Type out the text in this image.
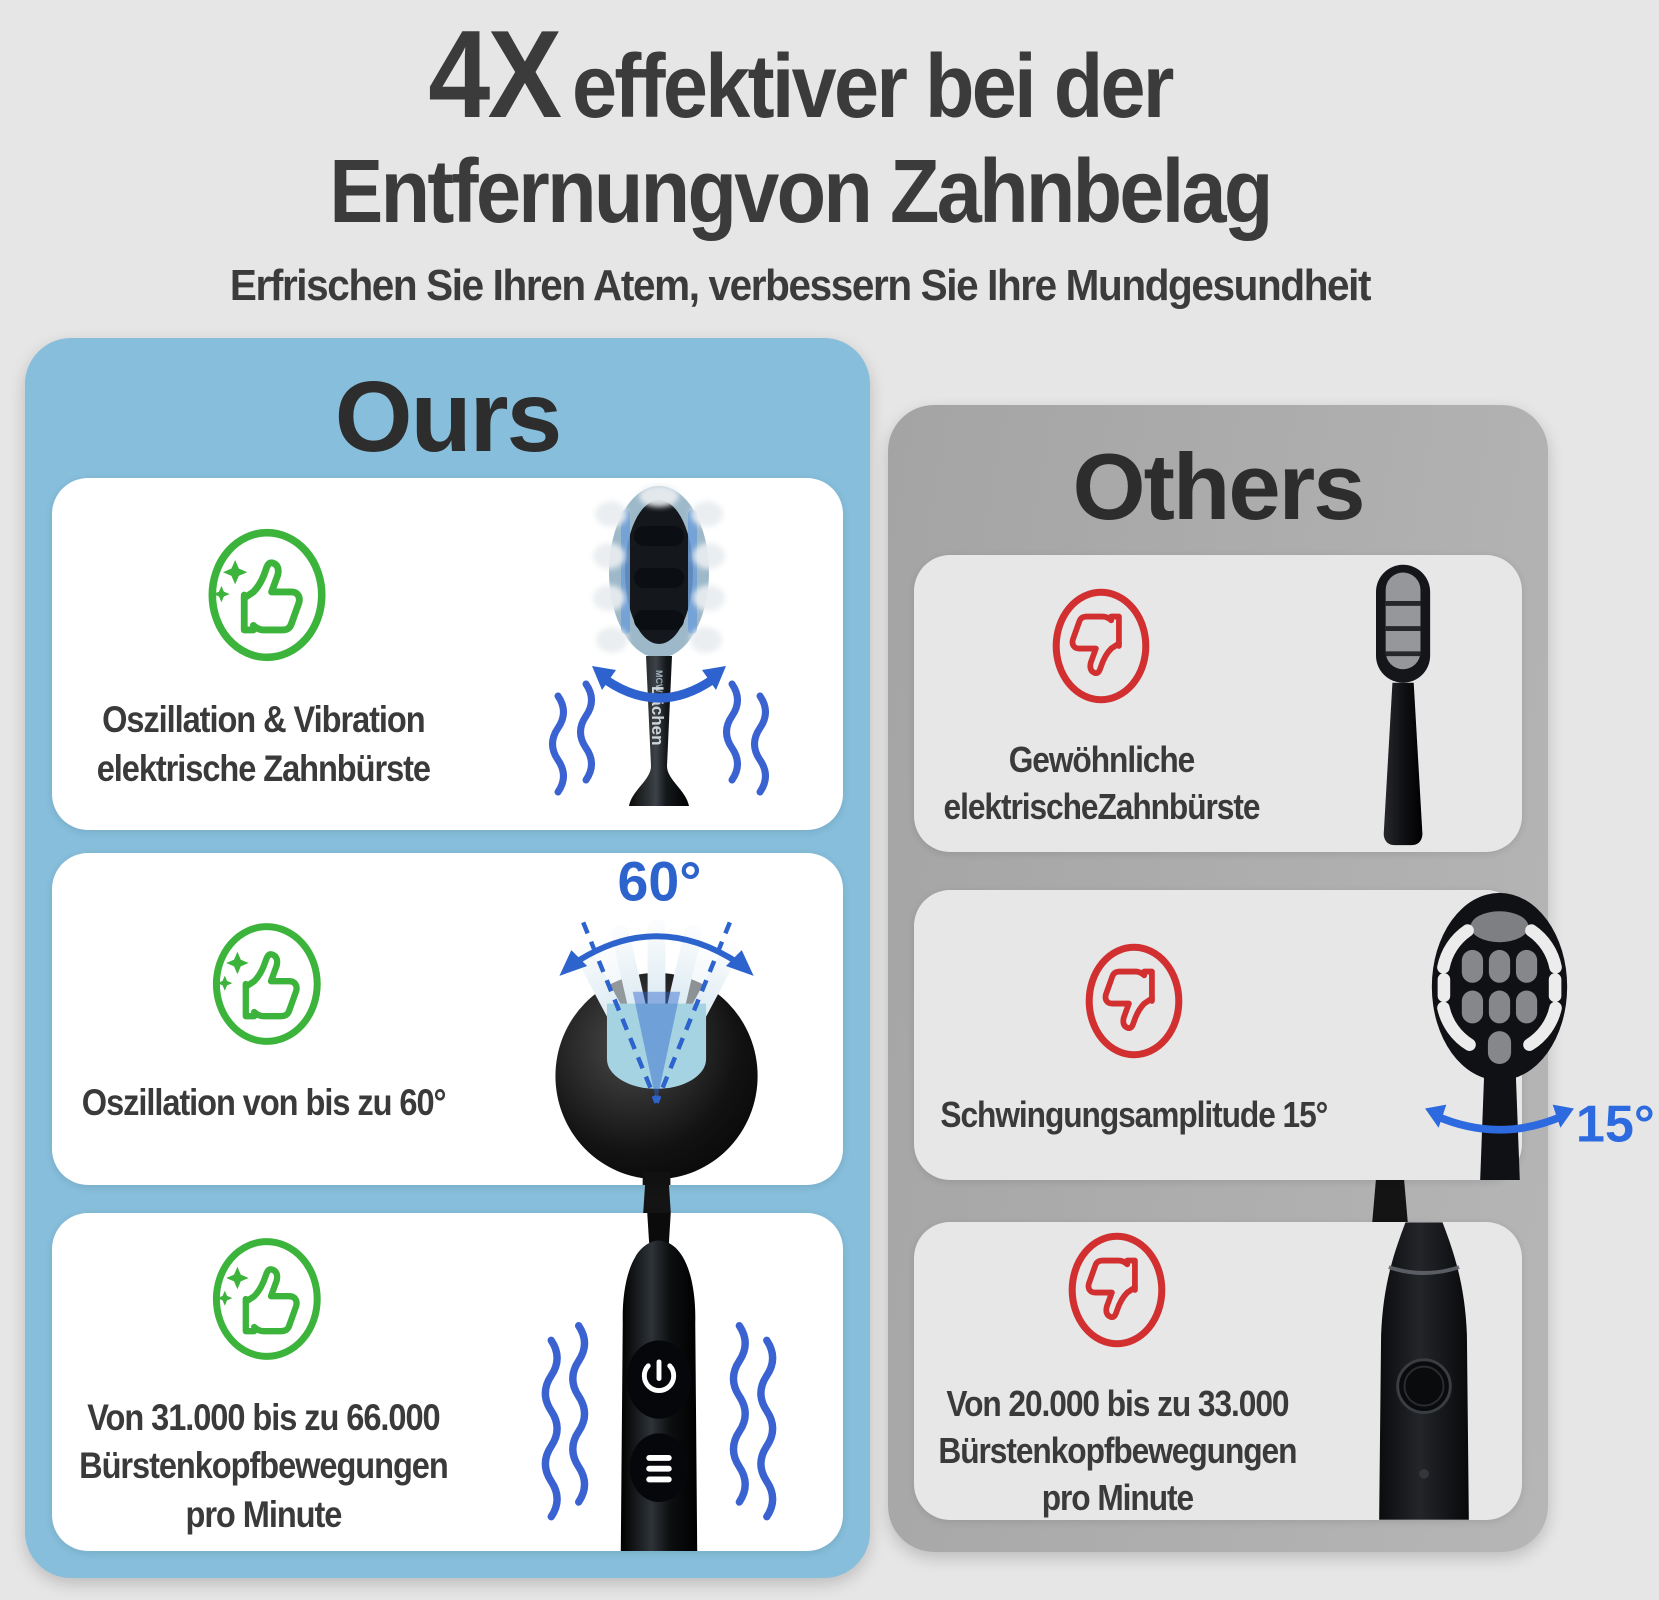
4X effektiver bei der
Entfernungvon Zahnbelag
Erfrischen Sie Ihren Atem, verbessern Sie Ihre Mundgesundheit
Ours
Oszillation & Vibration
elektrische Zahnbürste
MCW
Lächen
Oszillation von bis zu 60°
60°
Von 31.000 bis zu 66.000
Bürstenkopfbewegungen
pro Minute
Others
Gewöhnliche
elektrischeZahnbürste
Schwingungsamplitude 15°	15°
Von 20.000 bis zu 33.000
Bürstenkopfbewegungen
pro Minute
